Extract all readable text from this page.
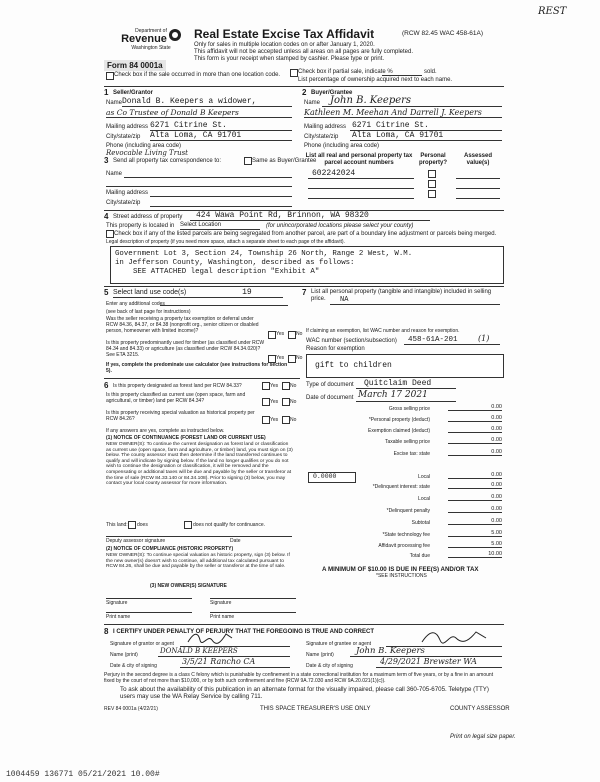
REST
Department of
Revenue
Washington State
Form 84 0001a
Real Estate Excise Tax Affidavit	(RCW 82.45 WAC 458-61A)
Only for sales in multiple location codes on or after January 1, 2020.
This affidavit will not be accepted unless all areas on all pages are fully completed.
This form is your receipt when stamped by cashier. Please type or print.
Check box if the sale occurred in more than one location code.	Check box if partial sale, indicate %	sold.
List percentage of ownership acquired next to each name.
1 Seller/Grantor
Name Donald B. Keepers a widower,
as Co Trustee of Donald B Keepers
Mailing address 6271 Citrine St.
City/state/zip Alta Loma, CA 91701
Phone (including area code)
Revocable Living Trust
2 Buyer/Grantee
Name John B. Keepers
Kathleen M. Meehan And Darrell J. Keepers
Mailing address 6271 Citrine St.
City/state/zip Alta Loma, CA 91701
Phone (including area code)
3 Send all property tax correspondence to:	Same as Buyer/Grantee
Name
Mailing address
City/state/zip
List all real and personal property tax parcel account numbers
Personal property?
Assessed value(s)
602242024
4 Street address of property 424 Wawa Point Rd, Brinnon, WA 98320
This property is located in Select Location	(for unincorporated locations please select your county)
Check box if any of the listed parcels are being segregated from another parcel, are part of a boundary line adjustment or parcels being merged.
Legal description of property (if you need more space, attach a separate sheet to each page of the affidavit).
Government Lot 3, Section 24, Township 26 North, Range 2 West, W.M.
in Jefferson County, Washington, described as follows:
SEE ATTACHED legal description "Exhibit A"
5 Select land use code(s)	19
Enter any additional codes
(see back of last page for instructions)
Was the seller receiving a property tax exemption or deferral under RCW 84.36, 84.37, or 84.38 (nonprofit org., senior citizen or disabled person, homeowner with limited income)?	Yes No
Is this property predominantly used for timber (as classified under RCW 84.34 and 84.33) or agriculture (as classified under RCW 84.34.020)? See ETA 3215.	Yes No
If yes, complete the predominate use calculator (see instructions for section 5).
7 List all personal property (tangible and intangible) included in selling price.	NA
If claiming an exemption, list WAC number and reason for exemption.
WAC number (section/subsection) 458-61A-201	(1)
Reason for exemption
gift to children
6 Is this property designated as forest land per RCW 84.33?	Yes No
Is this property classified as current use (open space, farm and agricultural, or timber) land per RCW 84.34?	Yes No
Is this property receiving special valuation as historical property per RCW 84.26?	Yes No
If any answers are yes, complete as instructed below.
(1) NOTICE OF CONTINUANCE (FOREST LAND OR CURRENT USE)
NEW OWNER(S): To continue the current designation as forest land or classification as current use (open space, farm and agriculture, or timber) land, you must sign on (3) below. The county assessor must then determine if the land transferred continues to qualify and will indicate by signing below. If the land no longer qualifies or you do not wish to continue the designation or classification, it will be removed and the compensating or additional taxes will be due and payable by the seller or transferor at the time of sale (RCW 84.33.140 or 84.34.108). Prior to signing (3) below, you may contact your local county assessor for more information.
This land: does	does not qualify for continuance.
Deputy assessor signature	Date
(2) NOTICE OF COMPLIANCE (HISTORIC PROPERTY)
NEW OWNER(S): To continue special valuation as historic property, sign (3) below. If the new owner(s) doesn't wish to continue, all additional tax calculated pursuant to RCW 84.26, shall be due and payable by the seller or transferor at the time of sale.
(3) NEW OWNER(S) SIGNATURE
Signature	Signature
Print name	Print name
Type of document Quitclaim Deed
Date of document March 17 2021
Gross selling price	0.00
*Personal property (deduct)	0.00
Exemption claimed (deduct)	0.00
Taxable selling price	0.00
Excise tax: state	0.00
0.0000	Local	0.00
*Delinquent interest: state	0.00
Local	0.00
*Delinquent penalty	0.00
Subtotal	0.00
*State technology fee	5.00
Affidavit processing fee	5.00
Total due	10.00
A MINIMUM OF $10.00 IS DUE IN FEE(S) AND/OR TAX
*SEE INSTRUCTIONS
8 I CERTIFY UNDER PENALTY OF PERJURY THAT THE FOREGOING IS TRUE AND CORRECT
Signature of grantor or agent
Name (print)	DONALD B KEEPERS
Date & city of signing	3/5/21 Rancho CA
Signature of grantee or agent
Name (print)	John B. Keepers
Date & city of signing	4/29/2021 Brewster WA
Perjury in the second degree is a class C felony which is punishable by confinement in a state correctional institution for a maximum term of five years, or by a fine in an amount fixed by the court of not more than $10,000, or by both such confinement and fine (RCW 9A.72.030 and RCW 9A.20.021(1)(c)).
To ask about the availability of this publication in an alternate format for the visually impaired, please call 360-705-6705. Teletype (TTY) users may use the WA Relay Service by calling 711.
REV 84 0001a (4/22/21)	THIS SPACE TREASURER'S USE ONLY	COUNTY ASSESSOR
Print on legal size paper.
1004459 136771 05/21/2021 10.00#
